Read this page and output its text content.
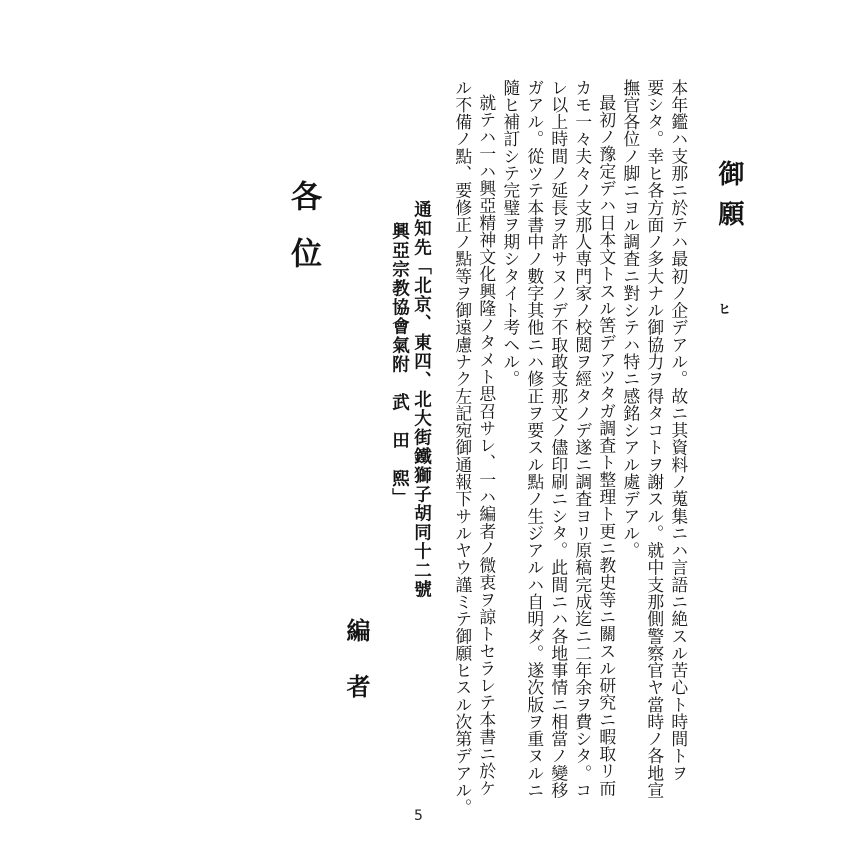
御願
ヒ
本年鑑ハ支那ニ於テハ最初ノ企デアル。故ニ其資料ノ蒐集ニハ言語ニ絶スル苦心ト時間トヲ
要シタ。幸ヒ各方面ノ多大ナル御協力ヲ得タコトヲ謝スル。就中支那側警察官ヤ當時ノ各地宣
撫官各位ノ脚ニヨル調査ニ對シテハ特ニ感銘シアル處デアル。
最初ノ豫定デハ日本文トスル筈デアツタガ調査ト整理ト更ニ教史等ニ關スル研究ニ暇取リ而
カモ一々夫々ノ支那人専門家ノ校閲ヲ經タノデ遂ニ調査ヨリ原稿完成迄ニ二年余ヲ費シタ。コ
レ以上時間ノ延長ヲ許サヌノデ不取敢支那文ノ儘印刷ニシタ。此間ニハ各地事情ニ相當ノ變移
ガアル。從ツテ本書中ノ數字其他ニハ修正ヲ要スル點ノ生ジアルハ自明ダ。遂次版ヲ重ヌルニ
隨ヒ補訂シテ完璧ヲ期シタイト考ヘル。
就テハ一ハ興亞精神文化興隆ノタメト思召サレ、一ハ編者ノ微衷ヲ諒トセラレテ本書ニ於ケ
ル不備ノ點、要修正ノ點等ヲ御遠慮ナク左記宛御通報下サルヤウ謹ミテ御願ヒスル次第デアル。
通知先「北京、東四、北大街鐵獅子胡同十二號
興亞宗教協會氣附　武　田　熙」
各位
編者
5
